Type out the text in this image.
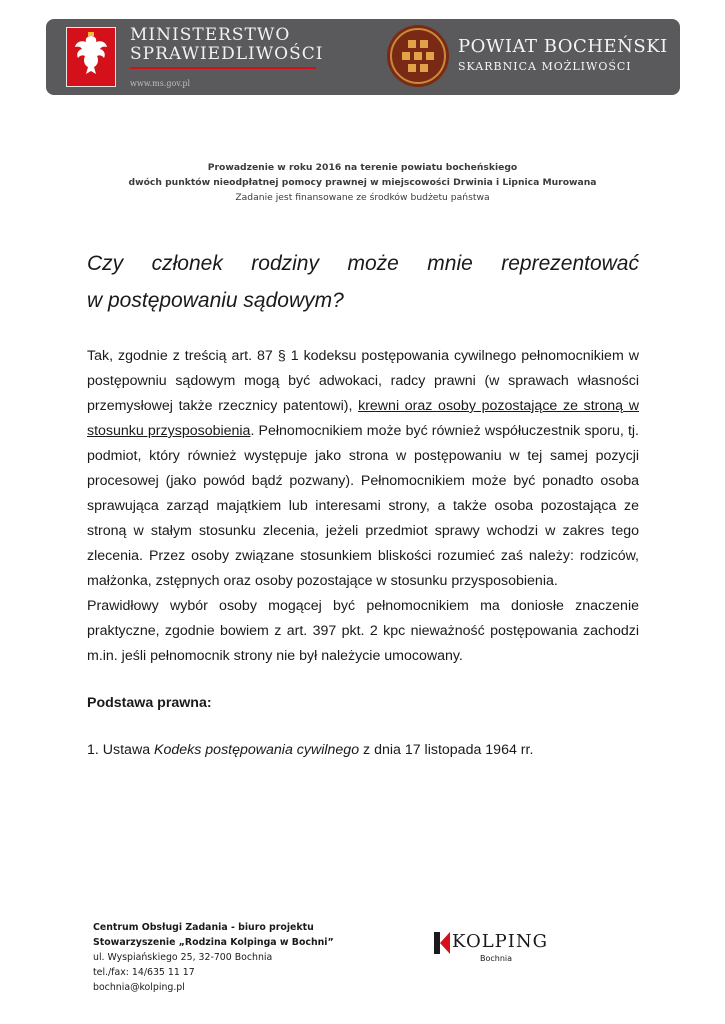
MINISTERSTWO
SPRAWIEDLIWOŚCI
www.ms.gov.pl
POWIAT BOCHEŃSKI
SKARBNICA MOŻLIWOŚCI
Prowadzenie w roku 2016 na terenie powiatu bocheńskiego
dwóch punktów nieodpłatnej pomocy prawnej w miejscowości Drwinia i Lipnica Murowana
Zadanie jest finansowane ze środków budżetu państwa
Czy członek rodziny może mnie reprezentować
w postępowaniu sądowym?

Tak, zgodnie z treścią art. 87 § 1 kodeksu postępowania cywilnego pełnomocnikiem w postępowniu sądowym mogą być adwokaci, radcy prawni (w sprawach własności przemysłowej także rzecznicy patentowi), krewni oraz osoby pozostające ze stroną w stosunku przysposobienia. Pełnomocnikiem może być również współuczestnik sporu, tj. podmiot, który również występuje jako strona w postępowaniu w tej samej pozycji procesowej (jako powód bądź pozwany). Pełnomocnikiem może być ponadto osoba sprawująca zarząd majątkiem lub interesami strony, a także osoba pozostająca ze stroną w stałym stosunku zlecenia, jeżeli przedmiot sprawy wchodzi w zakres tego zlecenia. Przez osoby związane stosunkiem bliskości rozumieć zaś należy: rodziców, małżonka, zstępnych oraz osoby pozostające w stosunku przysposobienia.

Prawidłowy wybór osoby mogącej być pełnomocnikiem ma doniosłe znaczenie praktyczne, zgodnie bowiem z art. 397 pkt. 2 kpc nieważność postępowania zachodzi m.in. jeśli pełnomocnik strony nie był należycie umocowany.

Podstawa prawna:
1. Ustawa Kodeks postępowania cywilnego z dnia 17 listopada 1964 rr.
Centrum Obsługi Zadania - biuro projektu
Stowarzyszenie „Rodzina Kolpinga w Bochni”
ul. Wyspiańskiego 25, 32-700 Bochnia
tel./fax: 14/635 11 17
bochnia@kolping.pl
KOLPING
Bochnia
